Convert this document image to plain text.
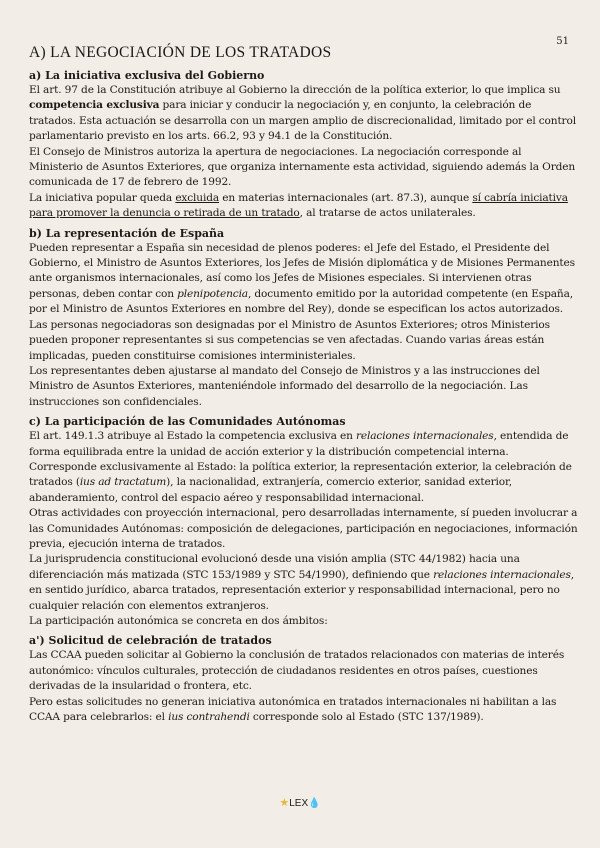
51
A) LA NEGOCIACIÓN DE LOS TRATADOS
a) La iniciativa exclusiva del Gobierno

El art. 97 de la Constitución atribuye al Gobierno la dirección de la política exterior, lo que implica su competencia exclusiva para iniciar y conducir la negociación y, en conjunto, la celebración de tratados. Esta actuación se desarrolla con un margen amplio de discrecionalidad, limitado por el control parlamentario previsto en los arts. 66.2, 93 y 94.1 de la Constitución.

El Consejo de Ministros autoriza la apertura de negociaciones. La negociación corresponde al Ministerio de Asuntos Exteriores, que organiza internamente esta actividad, siguiendo además la Orden comunicada de 17 de febrero de 1992.

La iniciativa popular queda excluida en materias internacionales (art. 87.3), aunque sí cabría iniciativa para promover la denuncia o retirada de un tratado, al tratarse de actos unilaterales.

b) La representación de España

Pueden representar a España sin necesidad de plenos poderes: el Jefe del Estado, el Presidente del Gobierno, el Ministro de Asuntos Exteriores, los Jefes de Misión diplomática y de Misiones Permanentes ante organismos internacionales, así como los Jefes de Misiones especiales. Si intervienen otras personas, deben contar con plenipotencia, documento emitido por la autoridad competente (en España, por el Ministro de Asuntos Exteriores en nombre del Rey), donde se especifican los actos autorizados.

Las personas negociadoras son designadas por el Ministro de Asuntos Exteriores; otros Ministerios pueden proponer representantes si sus competencias se ven afectadas. Cuando varias áreas están implicadas, pueden constituirse comisiones interministeriales.

Los representantes deben ajustarse al mandato del Consejo de Ministros y a las instrucciones del Ministro de Asuntos Exteriores, manteniéndole informado del desarrollo de la negociación. Las instrucciones son confidenciales.

c) La participación de las Comunidades Autónomas

El art. 149.1.3 atribuye al Estado la competencia exclusiva en relaciones internacionales, entendida de forma equilibrada entre la unidad de acción exterior y la distribución competencial interna.

Corresponde exclusivamente al Estado: la política exterior, la representación exterior, la celebración de tratados (ius ad tractatum), la nacionalidad, extranjería, comercio exterior, sanidad exterior, abanderamiento, control del espacio aéreo y responsabilidad internacional.

Otras actividades con proyección internacional, pero desarrolladas internamente, sí pueden involucrar a las Comunidades Autónomas: composición de delegaciones, participación en negociaciones, información previa, ejecución interna de tratados.

La jurisprudencia constitucional evolucionó desde una visión amplia (STC 44/1982) hacia una diferenciación más matizada (STC 153/1989 y STC 54/1990), definiendo que relaciones internacionales, en sentido jurídico, abarca tratados, representación exterior y responsabilidad internacional, pero no cualquier relación con elementos extranjeros.

La participación autonómica se concreta en dos ámbitos:

a') Solicitud de celebración de tratados

Las CCAA pueden solicitar al Gobierno la conclusión de tratados relacionados con materias de interés autonómico: vínculos culturales, protección de ciudadanos residentes en otros países, cuestiones derivadas de la insularidad o frontera, etc.

Pero estas solicitudes no generan iniciativa autonómica en tratados internacionales ni habilitan a las CCAA para celebrarlos: el ius contrahendi corresponde solo al Estado (STC 137/1989).

★LEX💧
